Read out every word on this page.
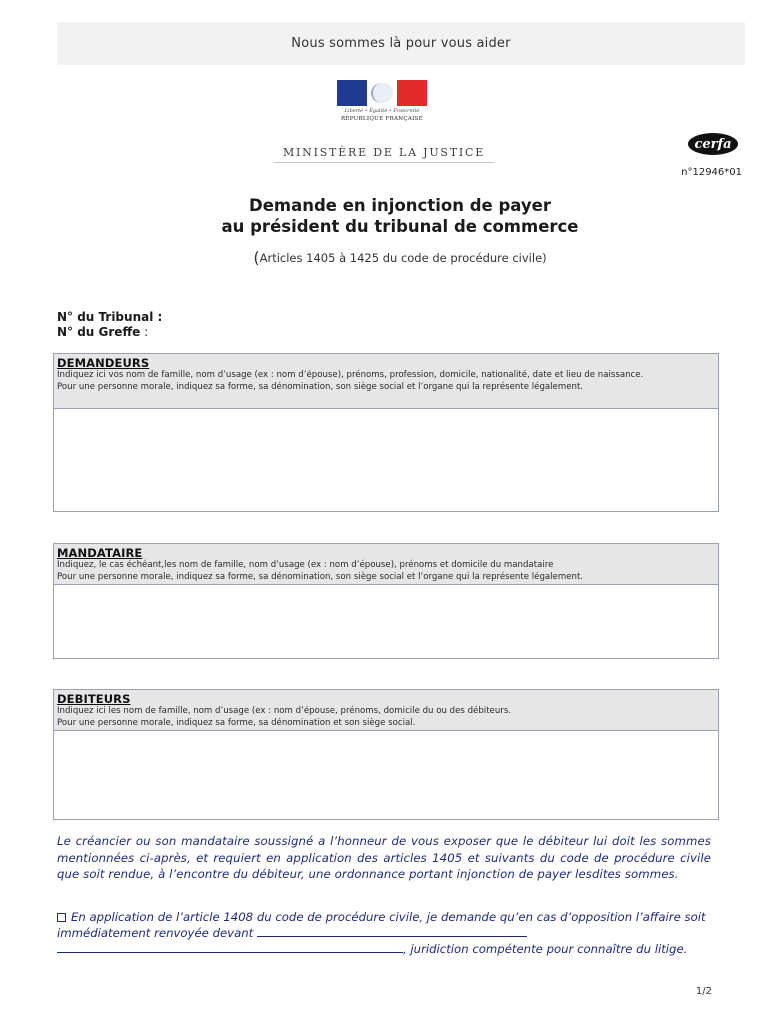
Nous sommes là pour vous aider
Liberté • Égalité • Fraternité
RÉPUBLIQUE FRANÇAISE
MINISTÈRE DE LA JUSTICE
cerfa
n°12946*01
Demande en injonction de payer
au président du tribunal de commerce
(Articles 1405 à 1425 du code de procédure civile)
N° du Tribunal :
N° du Greffe :
DEMANDEURS
Indiquez ici vos nom de famille, nom d’usage (ex : nom d’épouse), prénoms, profession, domicile, nationalité, date et lieu de naissance.
Pour une personne morale, indiquez sa forme, sa dénomination, son siège social et l’organe qui la représente légalement.
MANDATAIRE
Indiquez, le cas échéant,les nom de famille, nom d’usage (ex : nom d’épouse), prénoms et domicile du mandataire
Pour une personne morale, indiquez sa forme, sa dénomination, son siège social et l’organe qui la représente légalement.
DEBITEURS
Indiquez ici les nom de famille, nom d’usage (ex : nom d’épouse, prénoms, domicile du ou des débiteurs.
Pour une personne morale, indiquez sa forme, sa dénomination et son siège social.
Le créancier ou son mandataire soussigné a l’honneur de vous exposer que le débiteur lui doit les sommes mentionnées ci-après, et requiert en application des articles 1405 et suivants du code de procédure civile que soit rendue, à l’encontre du débiteur, une ordonnance portant injonction de payer lesdites sommes.
En application de l’article 1408 du code de procédure civile, je demande qu’en cas d’opposition l’affaire soit immédiatement renvoyée devant
, juridiction compétente pour connaître du litige.
1/2
